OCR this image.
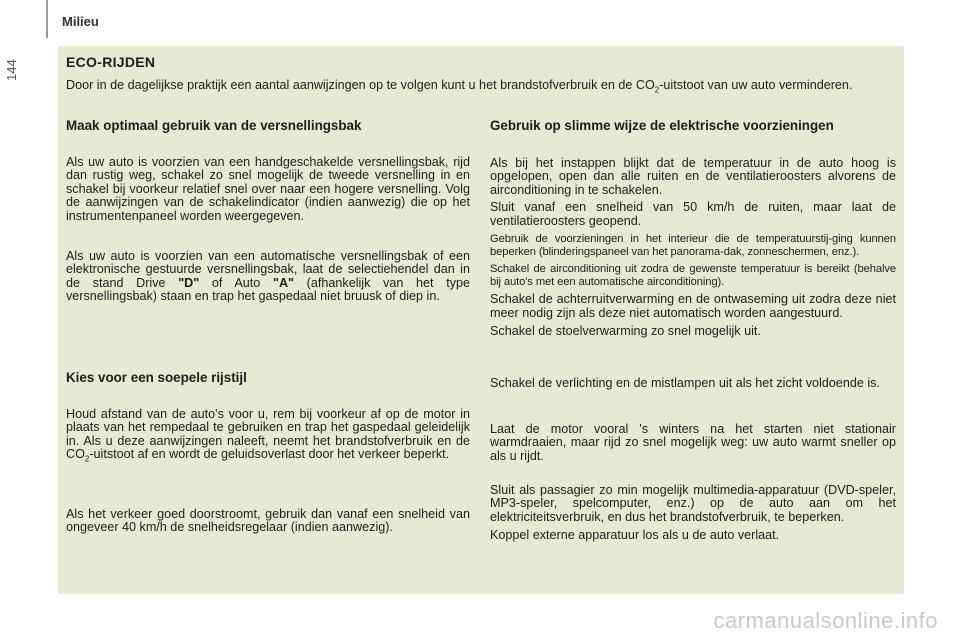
144
Milieu
ECO-RIJDEN

Door in de dagelijkse praktijk een aantal aanwijzingen op te volgen kunt u het brandstofverbruik en de $CO_2$-uitstoot van uw auto verminderen.

Maak optimaal gebruik van de versnellingsbak

Als uw auto is voorzien van een handgeschakelde versnellingsbak, rijd dan rustig weg, schakel zo snel mogelijk de tweede versnelling in en schakel bij voorkeur relatief snel over naar een hogere versnelling. Volg de aanwijzingen van de schakelindicator (indien aanwezig) die op het instrumentenpaneel worden weergegeven.

Als uw auto is voorzien van een automatische versnellingsbak of een elektronische gestuurde versnellingsbak, laat de selectiehendel dan in de stand Drive "D" of Auto "A" (afhankelijk van het type versnellingsbak) staan en trap het gaspedaal niet bruusk of diep in.

Kies voor een soepele rijstijl

Houd afstand van de auto's voor u, rem bij voorkeur af op de motor in plaats van het rempedaal te gebruiken en trap het gaspedaal geleidelijk in. Als u deze aanwijzingen naleeft, neemt het brandstofverbruik en de $CO_2$-uitstoot af en wordt de geluidsoverlast door het verkeer beperkt.

Als het verkeer goed doorstroomt, gebruik dan vanaf een snelheid van ongeveer 40 km/h de snelheidsregelaar (indien aanwezig).

Gebruik op slimme wijze de elektrische voorzieningen

Als bij het instappen blijkt dat de temperatuur in de auto hoog is opgelopen, open dan alle ruiten en de ventilatieroosters alvorens de airconditioning in te schakelen.

Sluit vanaf een snelheid van 50 km/h de ruiten, maar laat de ventilatieroosters geopend.

Gebruik de voorzieningen in het interieur die de temperatuurstij-ging kunnen beperken (blinderingspaneel van het panorama-dak, zonneschermen, enz.).

Schakel de airconditioning uit zodra de gewenste temperatuur is bereikt (behalve bij auto's met een automatische airconditioning).

Schakel de achterruitverwarming en de ontwaseming uit zodra deze niet meer nodig zijn als deze niet automatisch worden aangestuurd.

Schakel de stoelverwarming zo snel mogelijk uit.

Schakel de verlichting en de mistlampen uit als het zicht voldoende is.

Laat de motor vooral 's winters na het starten niet stationair warmdraaien, maar rijd zo snel mogelijk weg: uw auto warmt sneller op als u rijdt.

Sluit als passagier zo min mogelijk multimedia-apparatuur (DVD-speler, MP3-speler, spelcomputer, enz.) op de auto aan om het elektriciteitsverbruik, en dus het brandstofverbruik, te beperken.

Koppel externe apparatuur los als u de auto verlaat.

carmanualsonline.info
